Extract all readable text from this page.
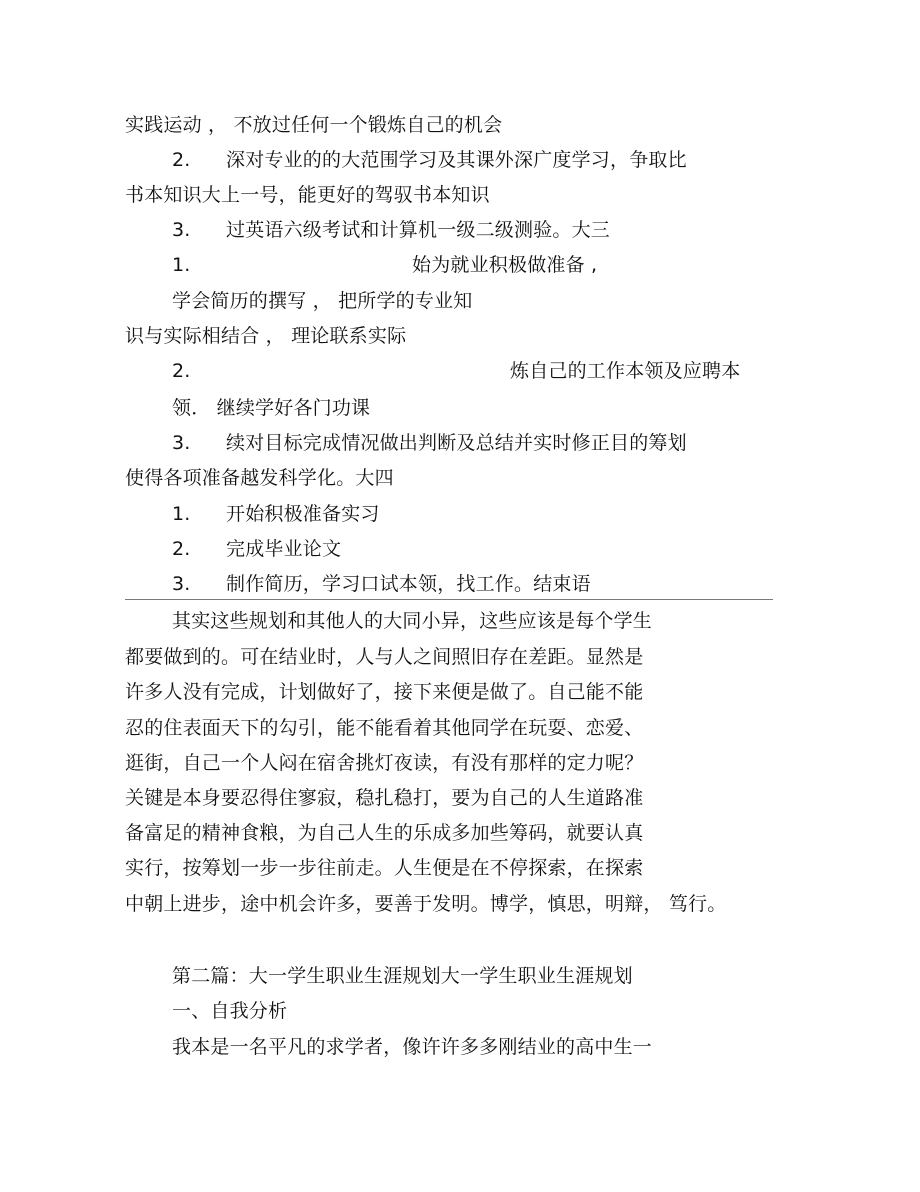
实践运动 ， 不放过任何一个锻炼自己的机会
2. 深对专业的的大范围学习及其课外深广度学习，争取比
书本知识大上一号，能更好的驾驭书本知识
3. 过英语六级考试和计算机一级二级测验。大三
1.	始为就业积极做准备 ,
学会简历的撰写 ， 把所学的专业知
识与实际相结合 ， 理论联系实际
2.	炼自己的工作本领及应聘本
领． 继续学好各门功课
3. 续对目标完成情况做出判断及总结并实时修正目的筹划
使得各项准备越发科学化。大四
1. 开始积极准备实习
2. 完成毕业论文
3. 制作简历，学习口试本领，找工作。结束语
其实这些规划和其他人的大同小异，这些应该是每个学生
都要做到的。可在结业时，人与人之间照旧存在差距。显然是
许多人没有完成，计划做好了，接下来便是做了。自己能不能
忍的住表面天下的勾引，能不能看着其他同学在玩耍、恋爱、
逛街，自己一个人闷在宿舍挑灯夜读，有没有那样的定力呢？
关键是本身要忍得住寥寂，稳扎稳打，要为自己的人生道路准
备富足的精神食粮，为自己人生的乐成多加些筹码，就要认真
实行，按筹划一步一步往前走。人生便是在不停探索，在探索
中朝上进步，途中机会许多，要善于发明。博学，慎思，明辩， 笃行。
第二篇：大一学生职业生涯规划大一学生职业生涯规划
一、自我分析
我本是一名平凡的求学者，像许许多多刚结业的高中生一
